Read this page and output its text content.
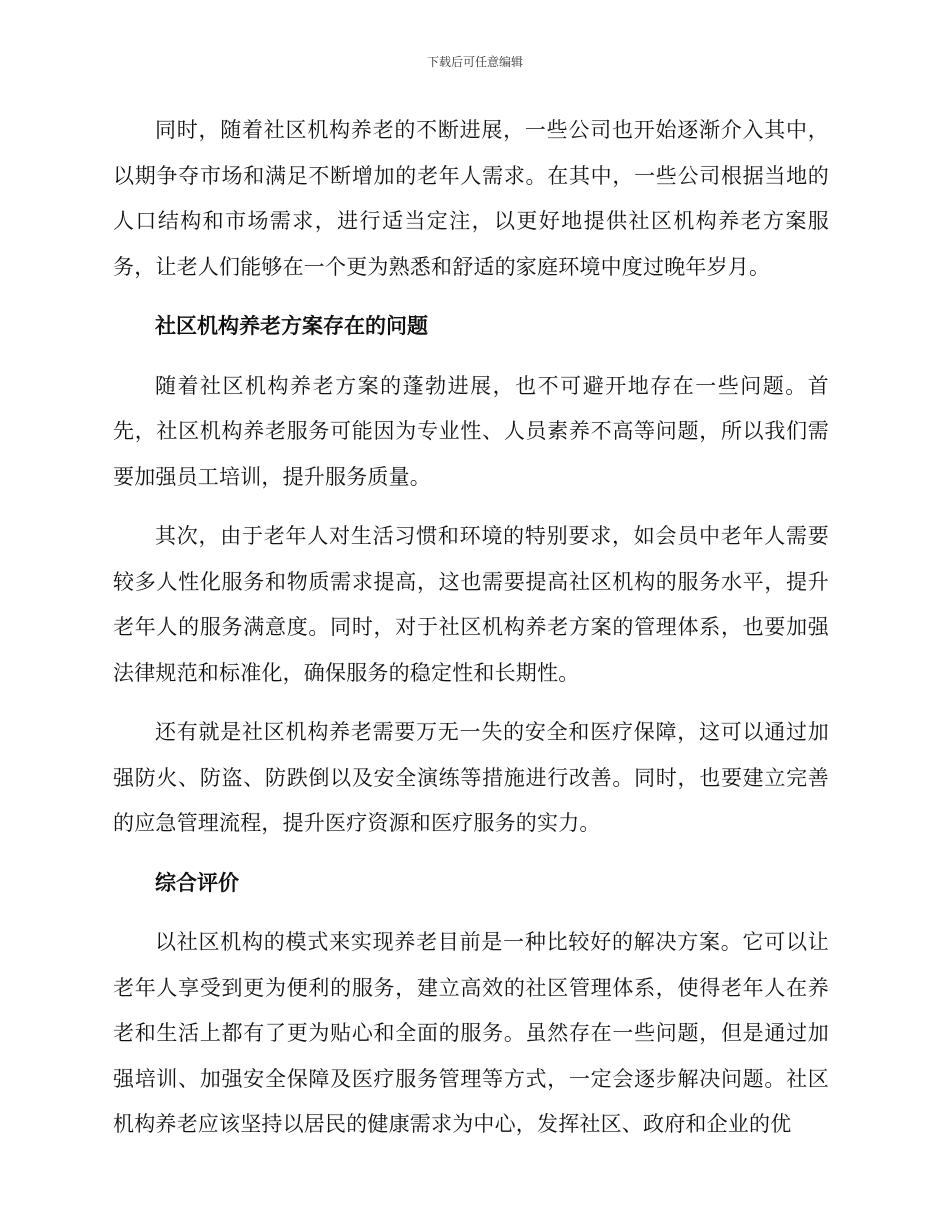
下载后可任意编辑

同时，随着社区机构养老的不断进展，一些公司也开始逐渐介入其中，以期争夺市场和满足不断增加的老年人需求。在其中，一些公司根据当地的人口结构和市场需求，进行适当定注，以更好地提供社区机构养老方案服务，让老人们能够在一个更为熟悉和舒适的家庭环境中度过晚年岁月。

社区机构养老方案存在的问题

随着社区机构养老方案的蓬勃进展，也不可避开地存在一些问题。首先，社区机构养老服务可能因为专业性、人员素养不高等问题，所以我们需要加强员工培训，提升服务质量。

其次，由于老年人对生活习惯和环境的特别要求，如会员中老年人需要较多人性化服务和物质需求提高，这也需要提高社区机构的服务水平，提升老年人的服务满意度。同时，对于社区机构养老方案的管理体系，也要加强法律规范和标准化，确保服务的稳定性和长期性。

还有就是社区机构养老需要万无一失的安全和医疗保障，这可以通过加强防火、防盗、防跌倒以及安全演练等措施进行改善。同时，也要建立完善的应急管理流程，提升医疗资源和医疗服务的实力。

综合评价

以社区机构的模式来实现养老目前是一种比较好的解决方案。它可以让老年人享受到更为便利的服务，建立高效的社区管理体系，使得老年人在养老和生活上都有了更为贴心和全面的服务。虽然存在一些问题，但是通过加强培训、加强安全保障及医疗服务管理等方式，一定会逐步解决问题。社区机构养老应该坚持以居民的健康需求为中心，发挥社区、政府和企业的优
